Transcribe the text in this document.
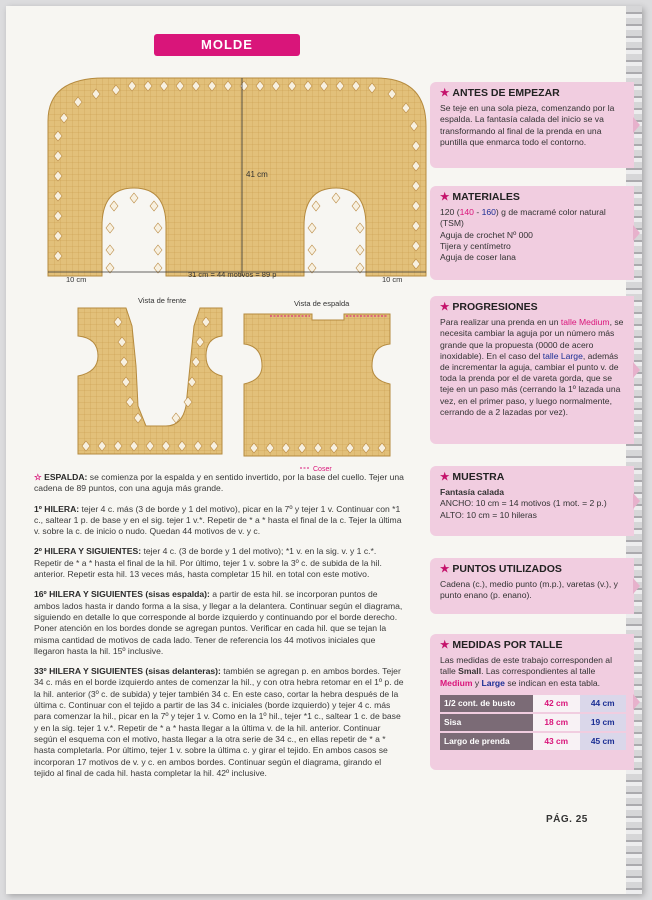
MOLDE
41 cm
10 cm
31 cm = 44 motivos = 89 p
10 cm
Vista de frente	Vista de espalda
Coser
★ ANTES DE EMPEZAR

Se teje en una sola pieza, comenzando por la espalda. La fantasía calada del inicio se va transformando al final de la prenda en una puntilla que enmarca todo el contorno.

★ MATERIALES

120 (140 - 160) g de macramé color natural (TSM)

Aguja de crochet Nº 000

Tijera y centímetro

Aguja de coser lana

★ PROGRESIONES

Para realizar una prenda en un talle Medium, se necesita cambiar la aguja por un número más grande que la propuesta (0000 de acero inoxidable). En el caso del talle Large, además de incrementar la aguja, cambiar el punto v. de toda la prenda por el de vareta gorda, que se teje en un paso más (cerrando la 1º lazada una vez, en el primer paso, y luego normalmente, cerrando de a 2 lazadas por vez).

★ MUESTRA

Fantasía calada

ANCHO: 10 cm = 14 motivos (1 mot. = 2 p.)

ALTO: 10 cm = 10 hileras

★ PUNTOS UTILIZADOS

Cadena (c.), medio punto (m.p.), varetas (v.), y punto enano (p. enano).

★ MEDIDAS POR TALLE

Las medidas de este trabajo corresponden al talle Small. Las correspondientes al talle Medium y Large se indican en esta tabla.

1/2 cont. de busto	42 cm	44 cm
Sisa	18 cm	19 cm
Largo de prenda	43 cm	45 cm

☆ ESPALDA: se comienza por la espalda y en sentido invertido, por la base del cuello. Tejer una cadena de 89 puntos, con una aguja más grande.

1º HILERA: tejer 4 c. más (3 de borde y 1 del motivo), picar en la 7º y tejer 1 v. Continuar con *1 c., saltear 1 p. de base y en el sig. tejer 1 v.*. Repetir de * a * hasta el final de la c. Tejer la última v. sobre la c. de inicio o nudo. Quedan 44 motivos de v. y c.

2º HILERA Y SIGUIENTES: tejer 4 c. (3 de borde y 1 del motivo); *1 v. en la sig. v. y 1 c.*. Repetir de * a * hasta el final de la hil. Por último, tejer 1 v. sobre la 3º c. de subida de la hil. anterior. Repetir esta hil. 13 veces más, hasta completar 15 hil. en total con este motivo.

16º HILERA Y SIGUIENTES (sisas espalda): a partir de esta hil. se incorporan puntos de ambos lados hasta ir dando forma a la sisa, y llegar a la delantera. Continuar según el diagrama, siguiendo en detalle lo que corresponde al borde izquierdo y continuando por el borde derecho. Poner atención en los bordes donde se agregan puntos. Verificar en cada hil. que se tejan la misma cantidad de motivos de cada lado. Tener de referencia los 44 motivos iniciales que llegaron hasta la hil. 15º inclusive.

33º HILERA Y SIGUIENTES (sisas delanteras): también se agregan p. en ambos bordes. Tejer 34 c. más en el borde izquierdo antes de comenzar la hil., y con otra hebra retomar en el 1º p. de la hil. anterior (3º c. de subida) y tejer también 34 c. En este caso, cortar la hebra después de la última c. Continuar con el tejido a partir de las 34 c. iniciales (borde izquierdo) y tejer 4 c. más para comenzar la hil., picar en la 7º y tejer 1 v. Como en la 1º hil., tejer *1 c., saltear 1 c. de base y en la sig. tejer 1 v.*. Repetir de * a * hasta llegar a la última v. de la hil. anterior. Continuar según el esquema con el motivo, hasta llegar a la otra serie de 34 c., en ellas repetir de * a * hasta completarla. Por último, tejer 1 v. sobre la última c. y girar el tejido. En ambos casos se incorporan 17 motivos de v. y c. en ambos bordes. Continuar según el diagrama, girando el tejido al final de cada hil. hasta completar la hil. 42º inclusive.

PÁG. 25
